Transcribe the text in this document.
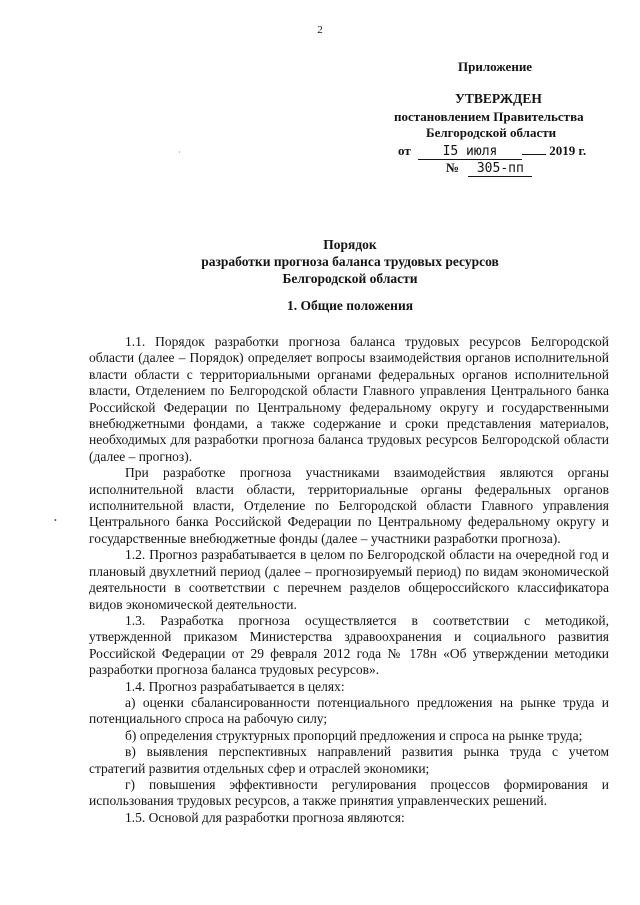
2
Приложение
УТВЕРЖДЕН
постановлением Правительства
Белгородской области
от I5 июля	2019 г.
№ 305-пп
Порядок
разработки прогноза баланса трудовых ресурсов
Белгородской области
1. Общие положения

1.1. Порядок разработки прогноза баланса трудовых ресурсов Белгородской области (далее – Порядок) определяет вопросы взаимодействия органов исполнительной власти области с территориальными органами федеральных органов исполнительной власти, Отделением по Белгородской области Главного управления Центрального банка Российской Федерации по Центральному федеральному округу и государственными внебюджетными фондами, а также содержание и сроки представления материалов, необходимых для разработки прогноза баланса трудовых ресурсов Белгородской области (далее – прогноз).

При разработке прогноза участниками взаимодействия являются органы исполнительной власти области, территориальные органы федеральных органов исполнительной власти, Отделение по Белгородской области Главного управления Центрального банка Российской Федерации по Центральному федеральному округу и государственные внебюджетные фонды (далее – участники разработки прогноза).

1.2. Прогноз разрабатывается в целом по Белгородской области на очередной год и плановый двухлетний период (далее – прогнозируемый период) по видам экономической деятельности в соответствии с перечнем разделов общероссийского классификатора видов экономической деятельности.

1.3. Разработка прогноза осуществляется в соответствии с методикой, утвержденной приказом Министерства здравоохранения и социального развития Российской Федерации от 29 февраля 2012 года № 178н «Об утверждении методики разработки прогноза баланса трудовых ресурсов».

1.4. Прогноз разрабатывается в целях:

а) оценки сбалансированности потенциального предложения на рынке труда и потенциального спроса на рабочую силу;

б) определения структурных пропорций предложения и спроса на рынке труда;

в) выявления перспективных направлений развития рынка труда с учетом стратегий развития отдельных сфер и отраслей экономики;

г) повышения эффективности регулирования процессов формирования и использования трудовых ресурсов, а также принятия управленческих решений.

1.5. Основой для разработки прогноза являются:

•
·
